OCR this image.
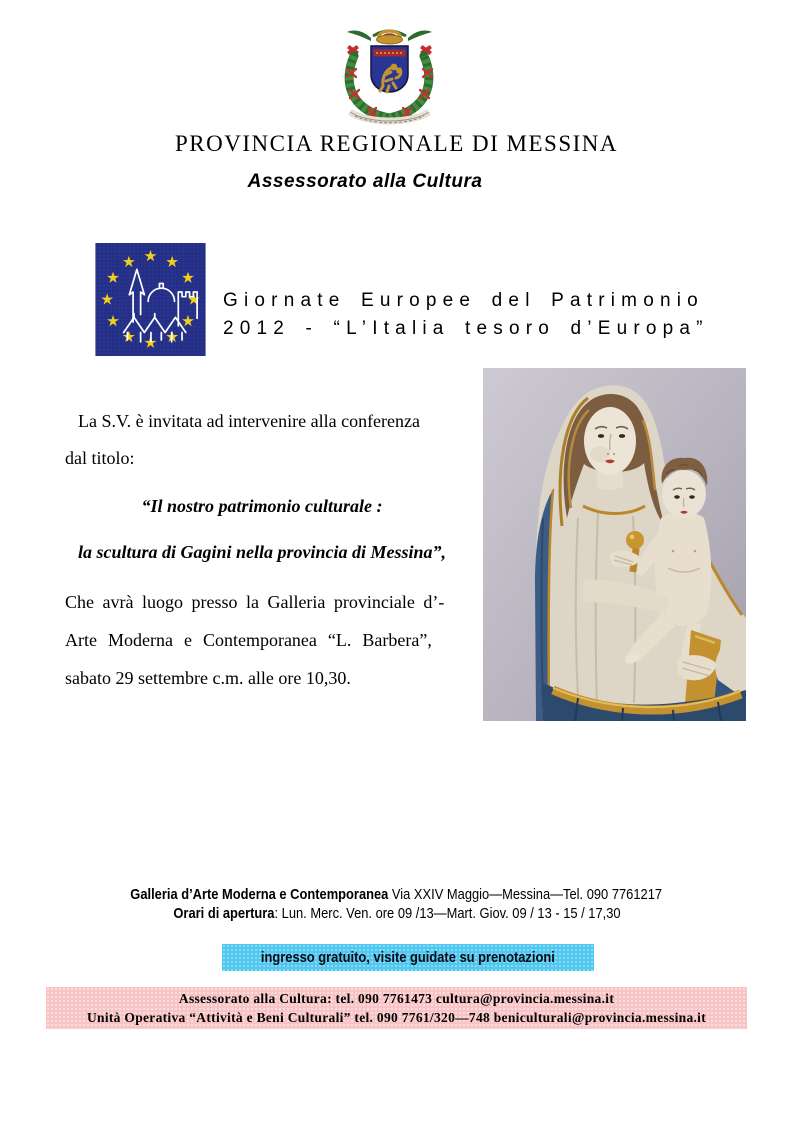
PROVINCIA REGIONALE DI MESSINA
Assessorato alla Cultura
Giornate Europee del Patrimonio
2012 - “L’Italia tesoro d’Europa”
La S.V. è invitata ad intervenire alla conferenza
dal titolo:
“Il nostro patrimonio culturale :
la scultura di Gagini nella provincia di Messina”,
Che avrà luogo presso la Galleria provinciale d’-
Arte Moderna e Contemporanea “L. Barbera”,
sabato 29 settembre c.m. alle ore 10,30.
Galleria d’Arte Moderna e Contemporanea Via XXIV Maggio—Messina—Tel. 090 7761217
Orari di apertura: Lun. Merc. Ven. ore 09 /13—Mart. Giov. 09 / 13 - 15 / 17,30
ingresso gratuito, visite guidate su prenotazioni
Assessorato alla Cultura: tel. 090 7761473 cultura@provincia.messina.it
Unità Operativa “Attività e Beni Culturali” tel. 090 7761/320—748 beniculturali@provincia.messina.it
